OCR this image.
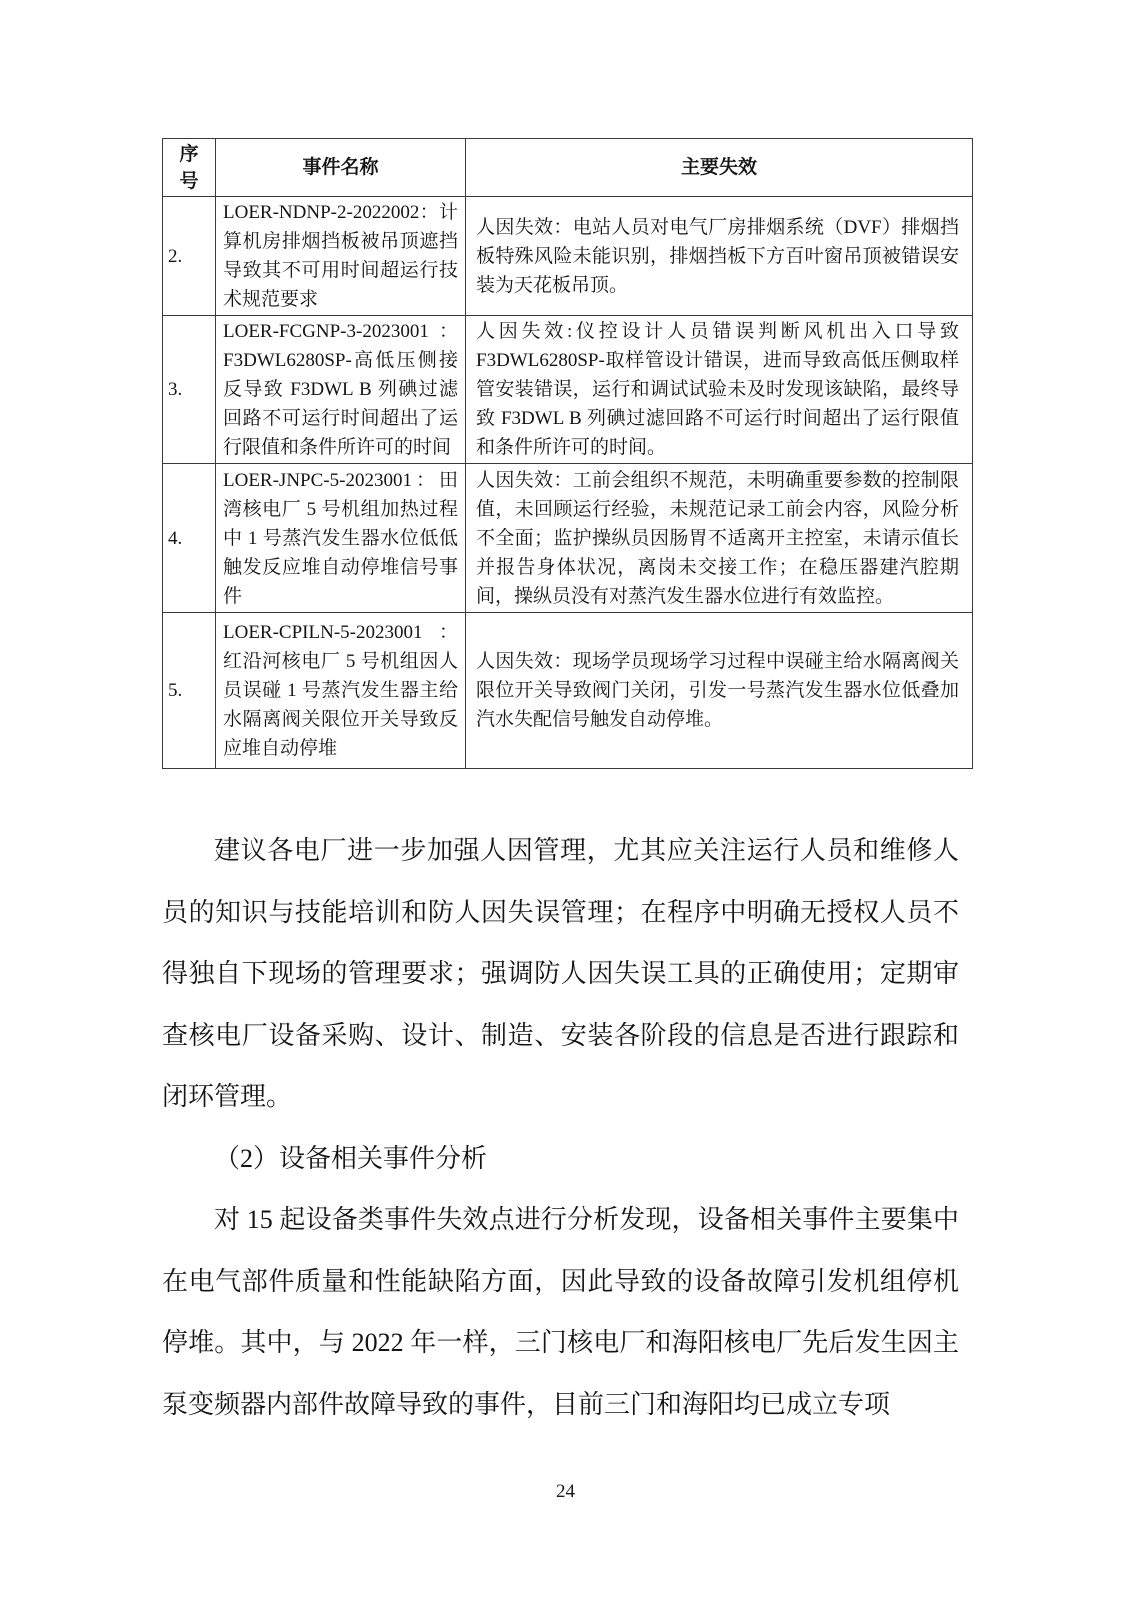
序号	事件名称	主要失效
2.	LOER-NDNP-2-2022002：计算机房排烟挡板被吊顶遮挡导致其不可用时间超运行技术规范要求	人因失效：电站人员对电气厂房排烟系统（DVF）排烟挡板特殊风险未能识别，排烟挡板下方百叶窗吊顶被错误安装为天花板吊顶。
3.	LOER-FCGNP-3-2023001 ：F3DWL6280SP-高低压侧接反导致 F3DWL B 列碘过滤回路不可运行时间超出了运行限值和条件所许可的时间	人因失效:仪控设计人员错误判断风机出入口导致 F3DWL6280SP-取样管设计错误，进而导致高低压侧取样管安装错误，运行和调试试验未及时发现该缺陷，最终导致 F3DWL B 列碘过滤回路不可运行时间超出了运行限值和条件所许可的时间。
4.	LOER-JNPC-5-2023001：田湾核电厂 5 号机组加热过程中 1 号蒸汽发生器水位低低触发反应堆自动停堆信号事件	人因失效：工前会组织不规范，未明确重要参数的控制限值，未回顾运行经验，未规范记录工前会内容，风险分析不全面；监护操纵员因肠胃不适离开主控室，未请示值长并报告身体状况，离岗未交接工作；在稳压器建汽腔期间，操纵员没有对蒸汽发生器水位进行有效监控。
5.	LOER-CPILN-5-2023001：红沿河核电厂 5 号机组因人员误碰 1 号蒸汽发生器主给水隔离阀关限位开关导致反应堆自动停堆	人因失效：现场学员现场学习过程中误碰主给水隔离阀关限位开关导致阀门关闭，引发一号蒸汽发生器水位低叠加汽水失配信号触发自动停堆。

建议各电厂进一步加强人因管理，尤其应关注运行人员和维修人员的知识与技能培训和防人因失误管理；在程序中明确无授权人员不得独自下现场的管理要求；强调防人因失误工具的正确使用；定期审查核电厂设备采购、设计、制造、安装各阶段的信息是否进行跟踪和闭环管理。

（2）设备相关事件分析

对 15 起设备类事件失效点进行分析发现，设备相关事件主要集中在电气部件质量和性能缺陷方面，因此导致的设备故障引发机组停机停堆。其中，与 2022 年一样，三门核电厂和海阳核电厂先后发生因主泵变频器内部件故障导致的事件，目前三门和海阳均已成立专项

24
